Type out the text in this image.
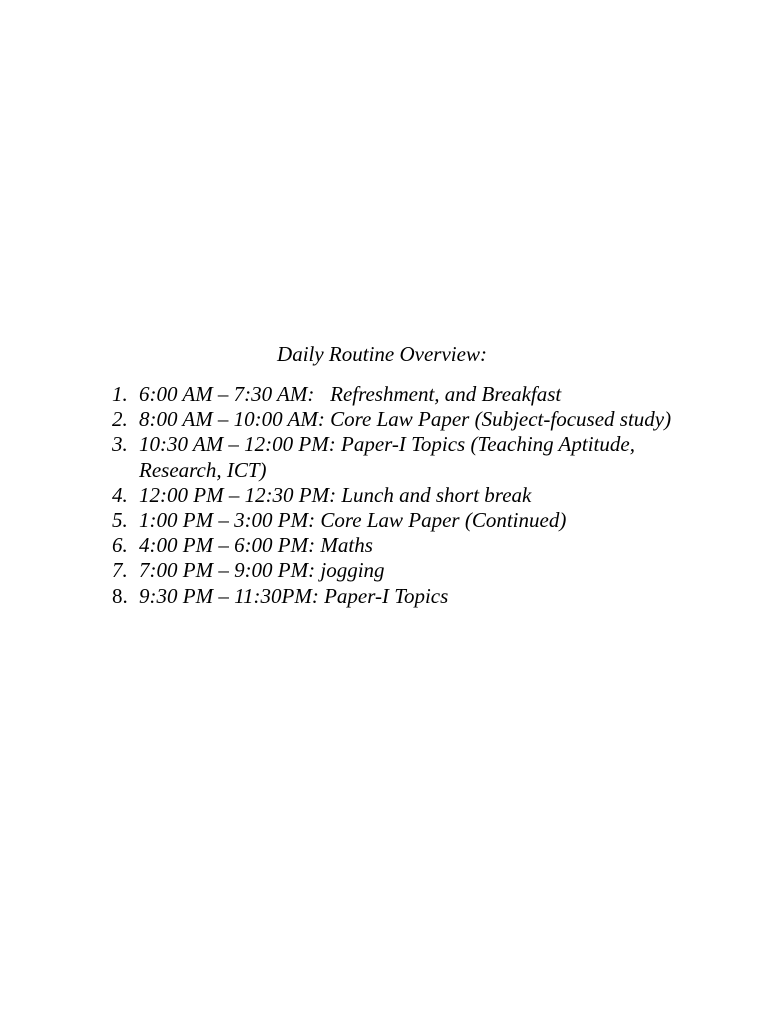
Daily Routine Overview:
1. 6:00 AM – 7:30 AM:   Refreshment, and Breakfast
2. 8:00 AM – 10:00 AM: Core Law Paper (Subject-focused study)
3. 10:30 AM – 12:00 PM: Paper-I Topics (Teaching Aptitude, Research, ICT)
4. 12:00 PM – 12:30 PM: Lunch and short break
5. 1:00 PM – 3:00 PM: Core Law Paper (Continued)
6. 4:00 PM – 6:00 PM: Maths
7. 7:00 PM – 9:00 PM: jogging
8. 9:30 PM – 11:30PM: Paper-I Topics
